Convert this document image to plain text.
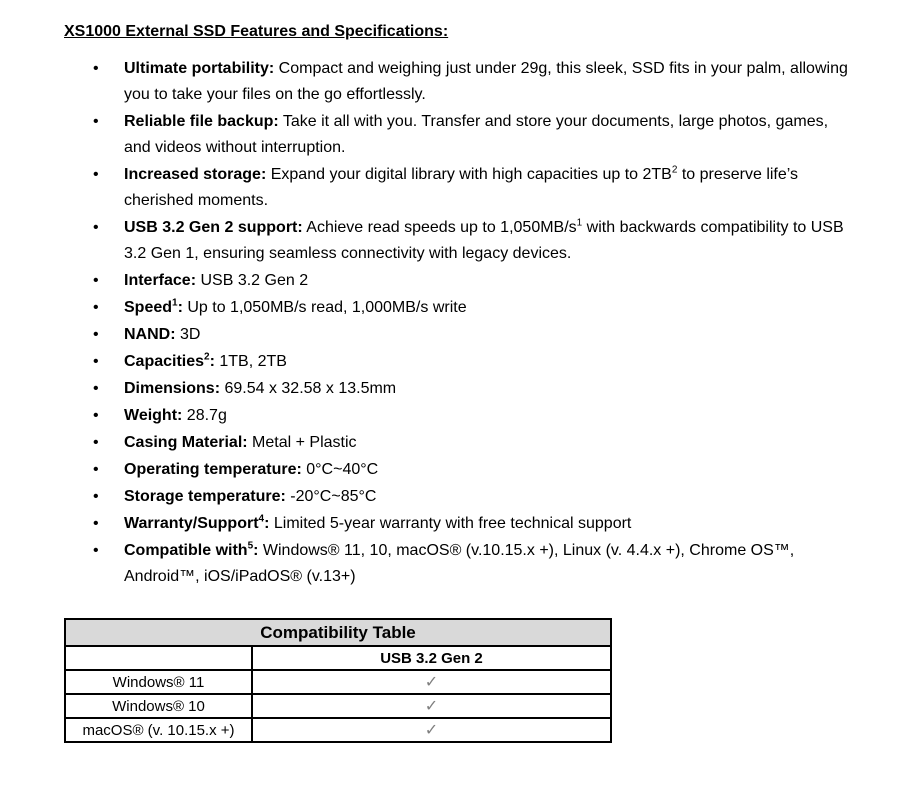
XS1000 External SSD Features and Specifications:
• Ultimate portability: Compact and weighing just under 29g, this sleek, SSD fits in your palm, allowing you to take your files on the go effortlessly.
• Reliable file backup: Take it all with you. Transfer and store your documents, large photos, games, and videos without interruption.
• Increased storage: Expand your digital library with high capacities up to $2TB^2$ to preserve life’s cherished moments.
• USB 3.2 Gen 2 support: Achieve read speeds up to $1,050MB/s^1$ with backwards compatibility to USB 3.2 Gen 1, ensuring seamless connectivity with legacy devices.
• Interface: USB 3.2 Gen 2
• Speed$^1$: Up to 1,050MB/s read, 1,000MB/s write
• NAND: 3D
• Capacities$^2$: 1TB, 2TB
• Dimensions: 69.54 x 32.58 x 13.5mm
• Weight: 28.7g
• Casing Material: Metal + Plastic
• Operating temperature: 0°C~40°C
• Storage temperature: -20°C~85°C
• Warranty/Support$^4$: Limited 5-year warranty with free technical support
• Compatible with$^5$: Windows® 11, 10, macOS® (v.10.15.x +), Linux (v. 4.4.x +), Chrome OS™, Android™, iOS/iPadOS® (v.13+)
Compatibility Table	
	USB 3.2 Gen 2
Windows® 11	✓
Windows® 10	✓
macOS® (v. 10.15.x +)	✓
